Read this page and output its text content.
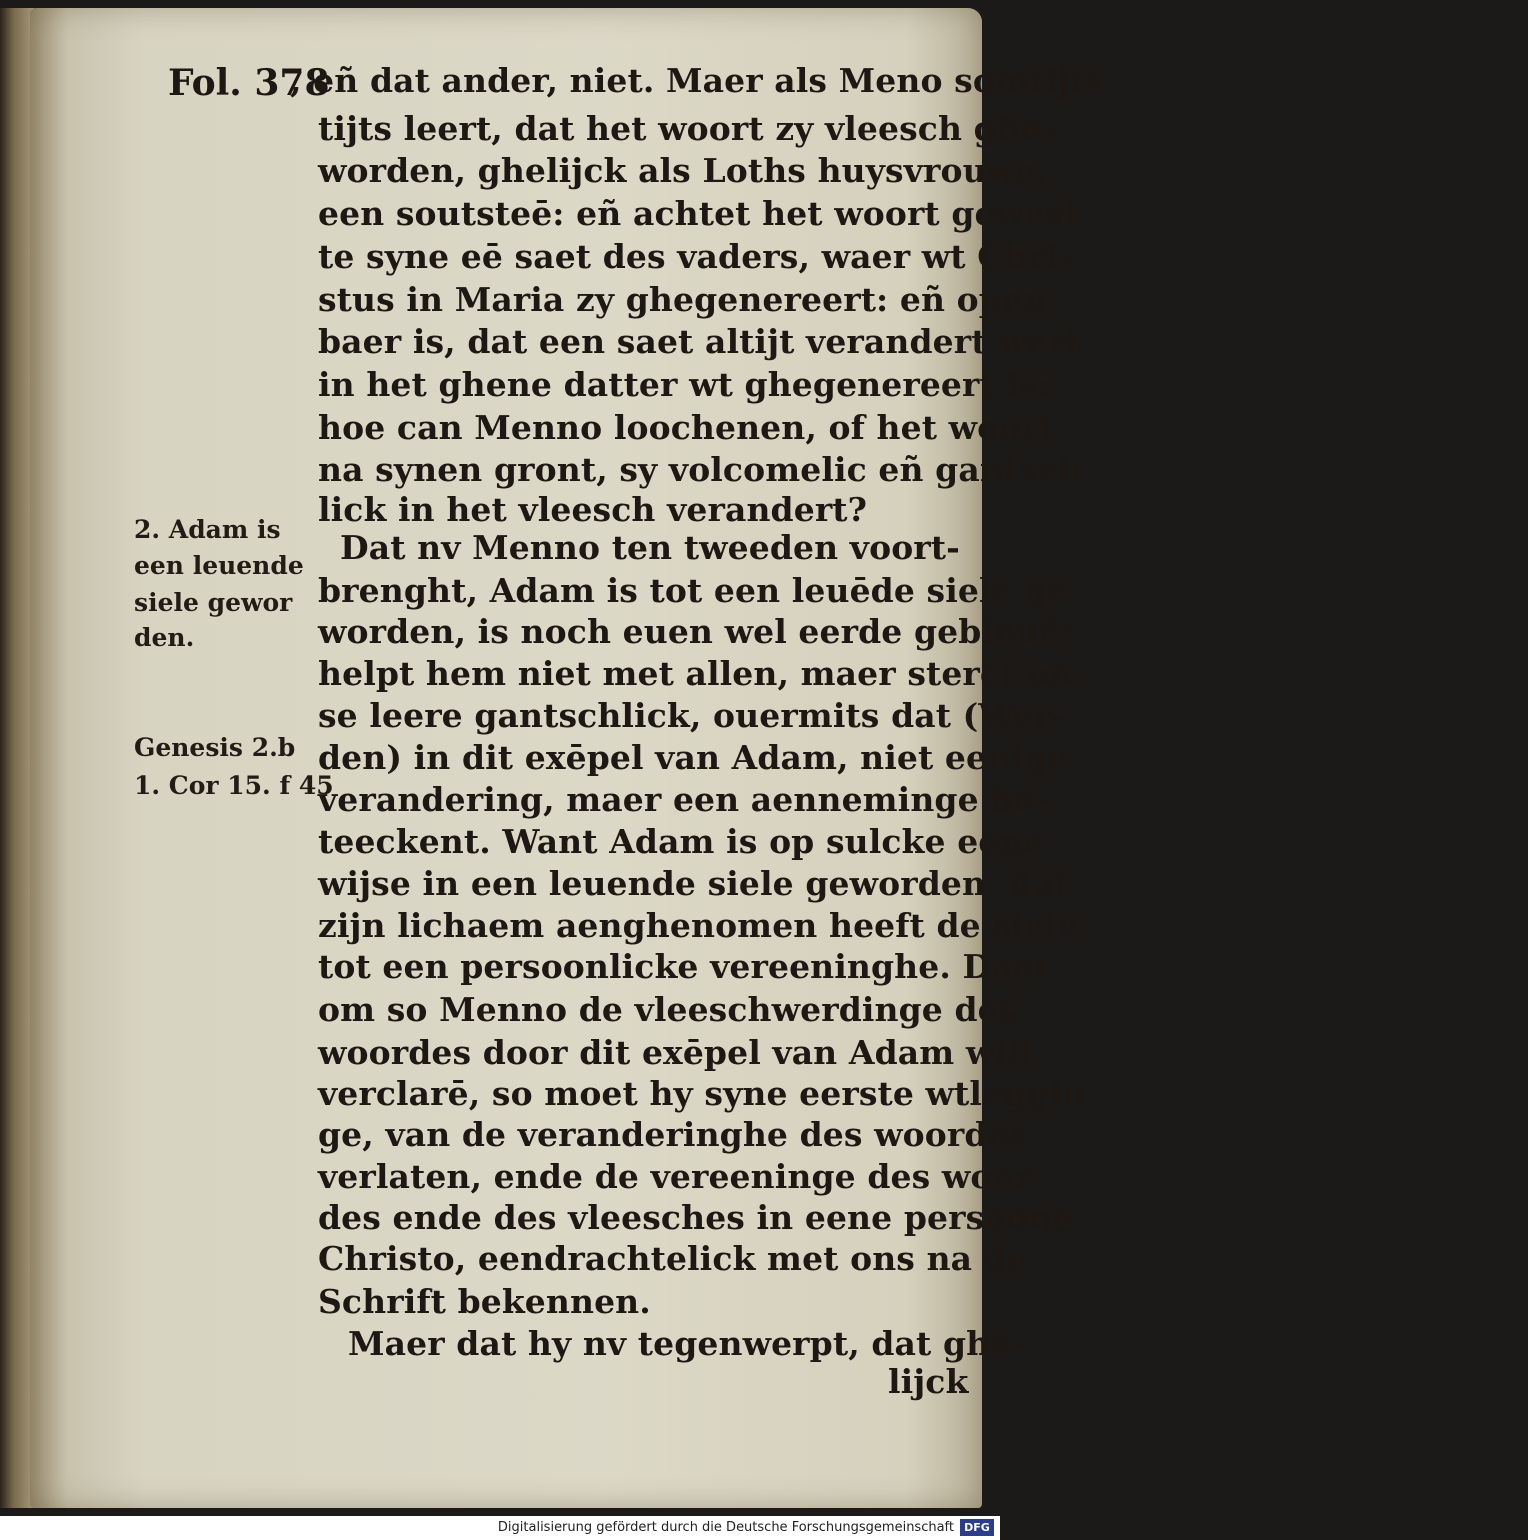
Fol. 378
, eñ dat ander, niet. Maer als Meno somtijts
tijts leert, dat het woort zy vleesch ghe-
worden, ghelijck als Loths huysvrouwe,
een soutsteē: eñ achtet het woort gewest
te syne eē saet des vaders, waer wt Chri-
stus in Maria zy ghegenereert: eñ open
baer is, dat een saet altijt verandert wert
in het ghene datter wt ghegenereert is:
hoe can Menno loochenen, of het woort
na synen gront, sy volcomelic eñ gantsch
lick in het vleesch verandert?
Dat nv Menno ten tweeden voort-
brenght, Adam is tot een leuēde siele ge
worden, is noch euen wel eerde gebleuē:
helpt hem niet met allen, maer sterct on-
se leere gantschlick, ouermits dat (Wer-
den) in dit exēpel van Adam, niet eenige
verandering, maer een aenneminge be-
teeckent. Want Adam is op sulcke eene
wijse in een leuende siele geworden, dat
zijn lichaem aenghenomen heeft de siele
tot een persoonlicke vereeninghe. Daer
om so Menno de vleeschwerdinge des
woordes door dit exēpel van Adam wilt
verclarē, so moet hy syne eerste wtleggin
ge, van de veranderinghe des woordes
verlaten, ende de vereeninge des woor
des ende des vleesches in eene persoone
Christo, eendrachtelick met ons na de
Schrift bekennen.
Maer dat hy nv tegenwerpt, dat ghe-
lijck
2. Adam is
een leuende
siele gewor
den.
Genesis 2.b
1. Cor 15. f 45
Digitalisierung gefördert durch die Deutsche Forschungsgemeinschaft DFG
